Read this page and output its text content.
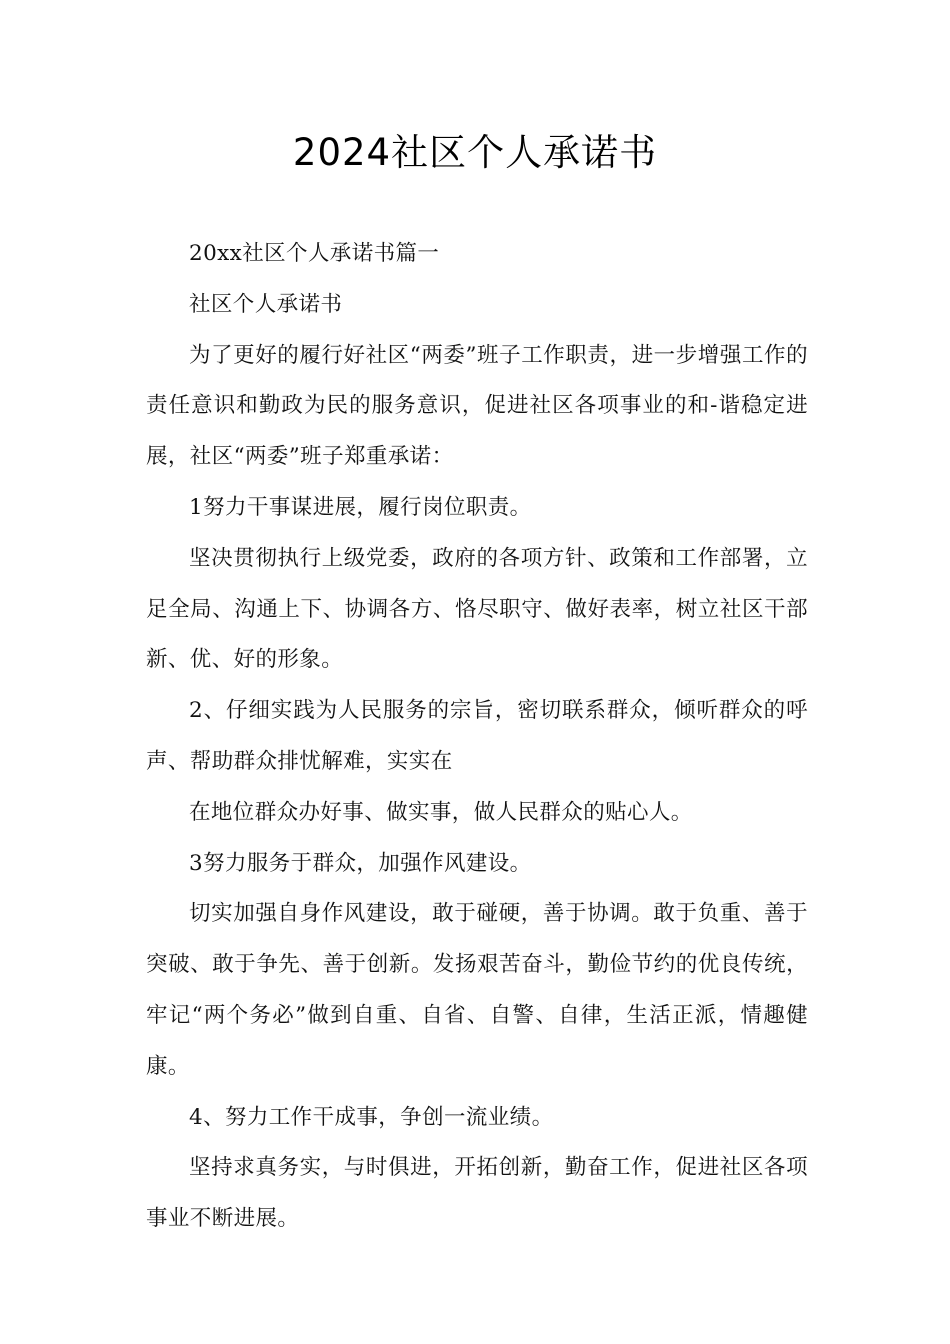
2024社区个人承诺书

20xx社区个人承诺书篇一

社区个人承诺书

为了更好的履行好社区“两委”班子工作职责，进一步增强工作的责任意识和勤政为民的服务意识，促进社区各项事业的和-谐稳定进展，社区“两委”班子郑重承诺：

1努力干事谋进展，履行岗位职责。

坚决贯彻执行上级党委，政府的各项方针、政策和工作部署，立足全局、沟通上下、协调各方、恪尽职守、做好表率，树立社区干部新、优、好的形象。

2、仔细实践为人民服务的宗旨，密切联系群众，倾听群众的呼声、帮助群众排忧解难，实实在

在地位群众办好事、做实事，做人民群众的贴心人。

3努力服务于群众，加强作风建设。

切实加强自身作风建设，敢于碰硬，善于协调。敢于负重、善于突破、敢于争先、善于创新。发扬艰苦奋斗，勤俭节约的优良传统，牢记“两个务必”做到自重、自省、自警、自律，生活正派，情趣健康。

4、努力工作干成事，争创一流业绩。

坚持求真务实，与时俱进，开拓创新，勤奋工作，促进社区各项事业不断进展。
